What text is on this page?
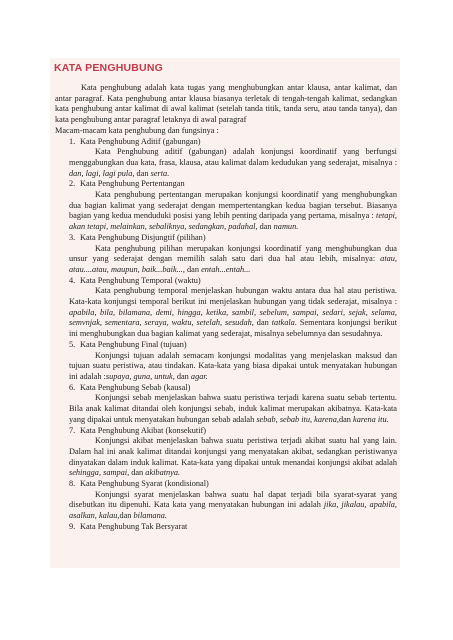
KATA PENGHUBUNG

Kata penghubung adalah kata tugas yang menghubungkan antar klausa, antar kalimat, dan antar paragraf. Kata penghubung antar klausa biasanya terletak di tengah-tengah kalimat, sedangkan kata penghubung antar kalimat di awal kalimat (setelah tanda titik, tanda seru, atau tanda tanya), dan kata penghubung antar paragraf letaknya di awal paragraf

Macam-macam kata penghubung dan fungsinya :

1. Kata Penghubung Aditif (gabungan)

Kata Penghubung aditif (gabungan) adalah konjungsi koordinatif yang berfungsi menggabungkan dua kata, frasa, klausa, atau kalimat dalam kedudukan yang sederajat, misalnya : dan, lagi, lagi pula, dan serta.

2. Kata Penghubung Pertentangan

Kata penghubung pertentangan merupakan konjungsi koordinatif yang menghubungkan dua bagian kalimat yang sederajat dengan mempertentangkan kedua bagian tersebut. Biasanya bagian yang kedua menduduki posisi yang lebih penting daripada yang pertama, misalnya : tetapi, akan tetapi, melainkan, sebaliknya, sedangkan, padahal, dan namun.

3. Kata Penghubung Disjungtif (pilihan)

Kata penghubung pilihan merupakan konjungsi koordinatif yang menghubungkan dua unsur yang sederajat dengan memilih salah satu dari dua hal atau lebih, misalnya: atau, atau....atau, maupun, baik...baik..., dan entah...entah...

4. Kata Penghubung Temporal (waktu)

Kata penghubung temporal menjelaskan hubungan waktu antara dua hal atau peristiwa. Kata-kata konjungsi temporal berikut ini menjelaskan hubungan yang tidak sederajat, misalnya : apabila, bila, bilamana, demi, hingga, ketika, sambil, sebelum, sampai, sedari, sejak, selama, semvnjak, sementara, seraya, waktu, setelah, sesudah, dan tatkala. Sementara konjungsi berikut ini menghubungkan dua bagian kalimat yang sederajat, misalnya sebelumnya dan sesudahnya.

5. Kata Penghubung Final (tujuan)

Konjungsi tujuan adalah semacam konjungsi modalitas yang menjelaskan maksud dan tujuan suatu peristiwa, atau tindakan. Kata-kata yang biasa dipakai untuk menyatakan hubungan ini adalah :supaya, guna, untuk, dan agar.

6. Kata Penghubung Sebab (kausal)

Konjungsi sebab menjelaskan bahwa suatu peristiwa terjadi karena suatu sebab tertentu. Bila anak kalimat ditandai oleh konjungsi sebab, induk kalimat merupakan akibatnya. Kata-kata yang dipakai untuk menyatakan hubungan sebab adalah sebab, sebab itu, karena,dan karena itu.

7. Kata Penghubung Akibat (konsekutif)

Konjungsi akibat menjelaskan bahwa suatu peristiwa terjadi akibat suatu hal yang lain. Dalam hal ini anak kalimat ditandai konjungsi yang menyatakan akibat, sedangkan peristiwanya dinyatakan dalam induk kalimat. Kata-kata yang dipakai untuk menandai konjungsi akibat adalah sehingga, sampai, dan akibatnya.

8. Kata Penghubung Syarat (kondisional)

Konjungsi syarat menjelaskan bahwa suatu hal dapat terjadi bila syarat-syarat yang disebutkan itu dipenuhi. Kata kata yang menyatakan hubungan ini adalah jika, jikalau, apabila, asalkan, kalau,dan bilamana.

9. Kata Penghubung Tak Bersyarat
